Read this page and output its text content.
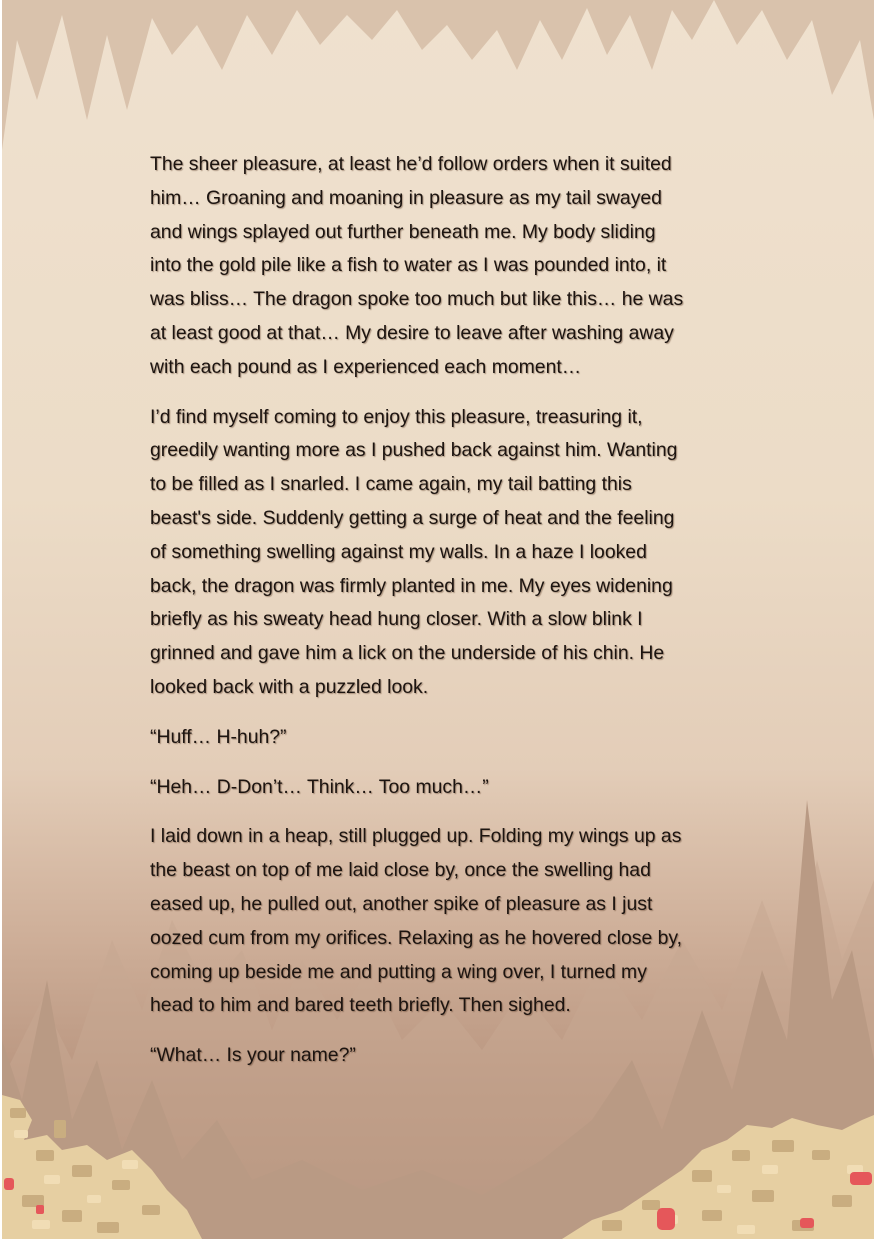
The sheer pleasure, at least he’d follow orders when it suited
him… Groaning and moaning in pleasure as my tail swayed
and wings splayed out further beneath me. My body sliding
into the gold pile like a fish to water as I was pounded into, it
was bliss… The dragon spoke too much but like this… he was
at least good at that… My desire to leave after washing away
with each pound as I experienced each moment…

I’d find myself coming to enjoy this pleasure, treasuring it,
greedily wanting more as I pushed back against him. Wanting
to be filled as I snarled. I came again, my tail batting this
beast's side. Suddenly getting a surge of heat and the feeling
of something swelling against my walls. In a haze I looked
back, the dragon was firmly planted in me. My eyes widening
briefly as his sweaty head hung closer. With a slow blink I
grinned and gave him a lick on the underside of his chin. He
looked back with a puzzled look.

“Huff… H-huh?”

“Heh… D-Don’t… Think… Too much…”

I laid down in a heap, still plugged up. Folding my wings up as
the beast on top of me laid close by, once the swelling had
eased up, he pulled out, another spike of pleasure as I just
oozed cum from my orifices. Relaxing as he hovered close by,
coming up beside me and putting a wing over, I turned my
head to him and bared teeth briefly. Then sighed.

“What… Is your name?”
